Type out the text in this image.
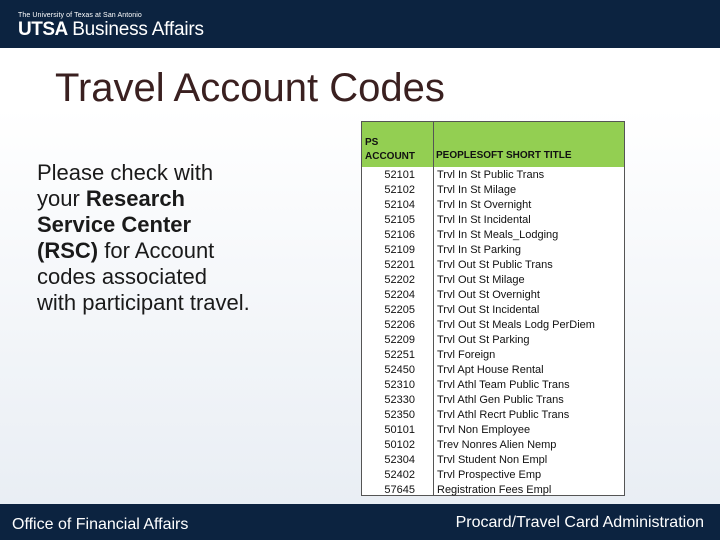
The University of Texas at San Antonio
UTSA Business Affairs
Travel Account Codes
Please check with your Research Service Center (RSC) for Account codes associated with participant travel.
PS
ACCOUNT PEOPLESOFT SHORT TITLE
52101 Trvl In St Public Trans
52102 Trvl In St Milage
52104 Trvl In St Overnight
52105 Trvl In St Incidental
52106 Trvl In St Meals_Lodging
52109 Trvl In St Parking
52201 Trvl Out St Public Trans
52202 Trvl Out St Milage
52204 Trvl Out St Overnight
52205 Trvl Out St Incidental
52206 Trvl Out St Meals Lodg PerDiem
52209 Trvl Out St Parking
52251 Trvl Foreign
52450 Trvl Apt House Rental
52310 Trvl Athl Team Public Trans
52330 Trvl Athl Gen Public Trans
52350 Trvl Athl Recrt Public Trans
50101 Trvl Non Employee
50102 Trev Nonres Alien Nemp
52304 Trvl Student Non Empl
52402 Trvl Prospective Emp
57645 Registration Fees Empl
Office of Financial Affairs	Procard/Travel Card Administration
